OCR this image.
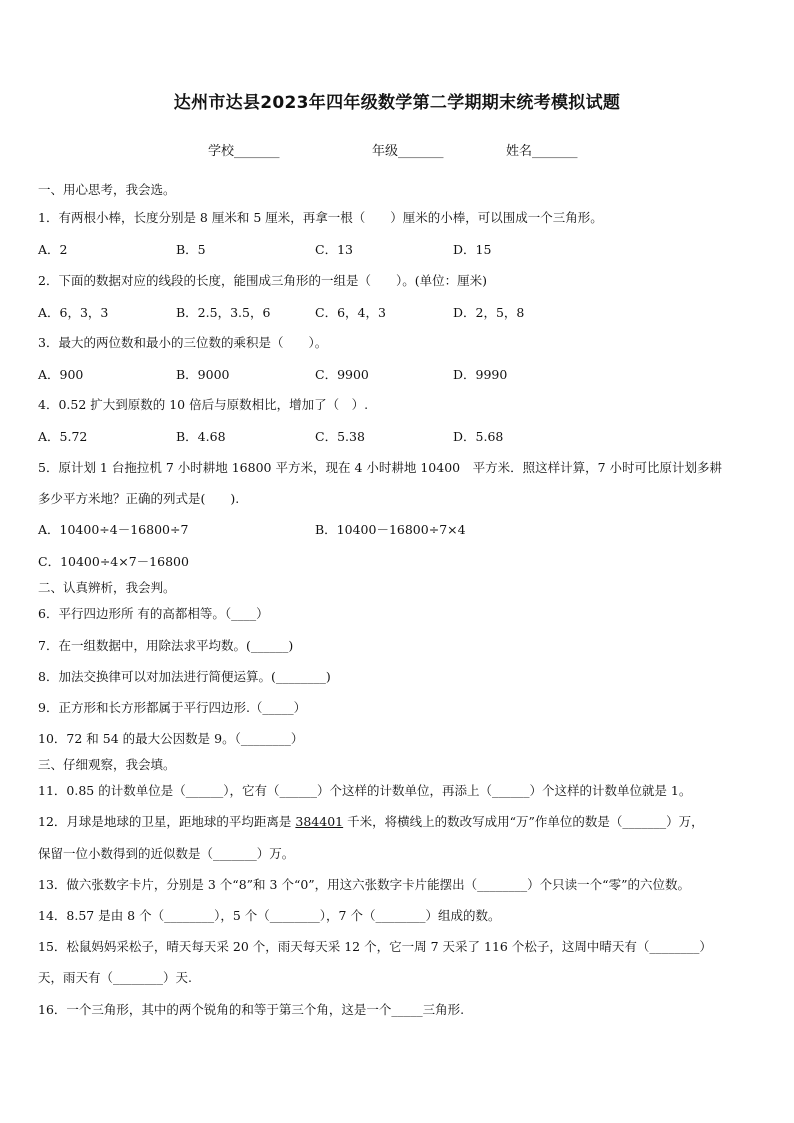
达州市达县2023年四年级数学第二学期期末统考模拟试题
学校_______	年级_______	姓名_______
一、用心思考，我会选。
1．有两根小棒，长度分别是 8 厘米和 5 厘米，再拿一根（　　）厘米的小棒，可以围成一个三角形。
A．2	B．5	C．13	D．15
2．下面的数据对应的线段的长度，能围成三角形的一组是（　　）。(单位：厘米)
A．6，3，3	B．2.5，3.5，6	C．6，4，3	D．2，5，8
3．最大的两位数和最小的三位数的乘积是（　　）。
A．900	B．9000	C．9900	D．9990
4．0.52 扩大到原数的 10 倍后与原数相比，增加了（　）.
A．5.72	B．4.68	C．5.38	D．5.68
5．原计划 1 台拖拉机 7 小时耕地 16800 平方米，现在 4 小时耕地 10400　平方米．照这样计算，7 小时可比原计划多耕
多少平方米地？正确的列式是(　　).
A．10400÷4－16800÷7	B．10400－16800÷7×4
C．10400÷4×7－16800
二、认真辨析，我会判。
6．平行四边形所 有的高都相等。（____）
7．在一组数据中，用除法求平均数。(______)
8．加法交换律可以对加法进行简便运算。(________)
9．正方形和长方形都属于平行四边形.（_____）
10．72 和 54 的最大公因数是 9。（________）
三、仔细观察，我会填。
11．0.85 的计数单位是（______），它有（______）个这样的计数单位，再添上（______）个这样的计数单位就是 1。
12．月球是地球的卫星，距地球的平均距离是 384401 千米，将横线上的数改写成用“万”作单位的数是（_______）万，
保留一位小数得到的近似数是（_______）万。
13．做六张数字卡片，分别是 3 个“8”和 3 个“0”，用这六张数字卡片能摆出（________）个只读一个“零”的六位数。
14．8.57 是由 8 个（________），5 个（________），7 个（________）组成的数。
15．松鼠妈妈采松子，晴天每天采 20 个，雨天每天采 12 个，它一周 7 天采了 116 个松子，这周中晴天有（________）
天，雨天有（________）天.
16．一个三角形，其中的两个锐角的和等于第三个角，这是一个_____三角形.
